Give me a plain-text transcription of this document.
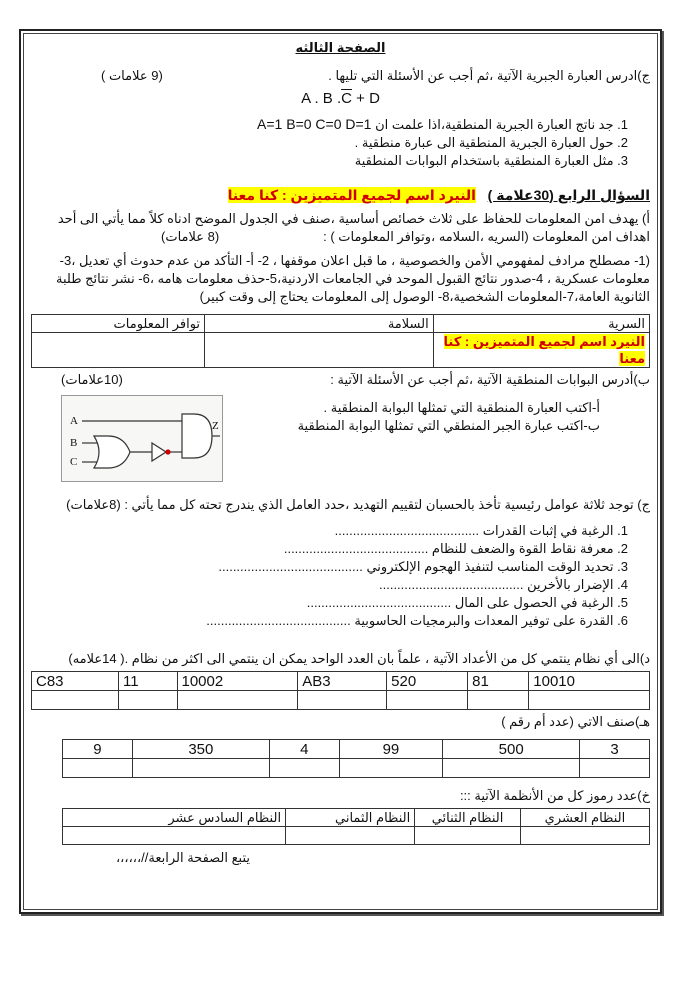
الصفحة الثالثه
ج)ادرس العبارة الجبرية الآتية ،ثم أجب عن الأسئلة التي تليها .
(9 علامات )
A . B $.\overline{C} + D$
1. جد ناتج العبارة الجبرية المنطقية،اذا علمت ان A=1 B=0 C=0 D=1
2. حول العبارة الجبرية المنطقية الى عبارة منطقية .
3. مثل العبارة المنطقية باستخدام البوابات المنطقية
السؤال الرابع (30علامة )   النيرد اسم لجميع المتميزين : كنا معنا
أ) يهدف امن المعلومات للحفاظ على ثلاث خصائص أساسية ،صنف في الجدول الموضح ادناه كلاً مما يأتي الى أحد
اهداف امن المعلومات (السريه ،السلامه ،وتوافر المعلومات ) :
(8 علامات)
(1- مصطلح مرادف لمفهومي الأمن والخصوصية ، ما قبل اعلان موقفها ، 2- أ- التأكد من عدم حدوث أي تعديل ،3-
معلومات عسكرية ، 4-صدور نتائج القبول الموحد في الجامعات الاردنية،5-حذف معلومات هامه ،6- نشر نتائج طلبة
الثانوية العامة،7-المعلومات الشخصية،8- الوصول إلى المعلومات يحتاج إلى وقت كبير)
السرية	السلامة	توافر المعلومات
النيرد اسم لجميع المتميزين : كنا معنا		
ب)أدرس البوابات المنطقية الآتية ،ثم أجب عن الأسئلة الآتية :
(10علامات)
أ-اكتب العبارة المنطقية التي تمثلها البوابة المنطقية .
ب-اكتب عبارة الجبر المنطقي التي تمثلها البوابة المنطقية
A
B
C
Z
ج) توجد ثلاثة عوامل رئيسية تأخذ بالحسبان لتقييم التهديد ،حدد العامل الذي يندرج تحته كل مما يأتي : (8علامات)
1. الرغبة في إثبات القدرات ........................................
2. معرفة نقاط القوة والضعف للنظام ........................................
3. تحديد الوقت المناسب لتنفيذ الهجوم الإلكتروني ........................................
4. الإضرار بالأخرين ........................................
5. الرغبة في الحصول على المال ........................................
6. القدرة على توفير المعدات والبرمجيات الحاسوبية ........................................
د)الى أي نظام ينتمي كل من الأعداد الآتية ، علماً بان العدد الواحد يمكن ان ينتمي الى اكثر من نظام .( 14علامه)
10010	81	520	AB3	10002	11	C83

هـ)صنف الاتي (عدد أم رقم )
3	500	99	4	350	9

خ)عدد رموز كل من الأنظمة الآتية :::
النظام العشري	النظام الثنائي	النظام الثماني	النظام السادس عشر

يتبع الصفحة الرابعة//،،،،،،
